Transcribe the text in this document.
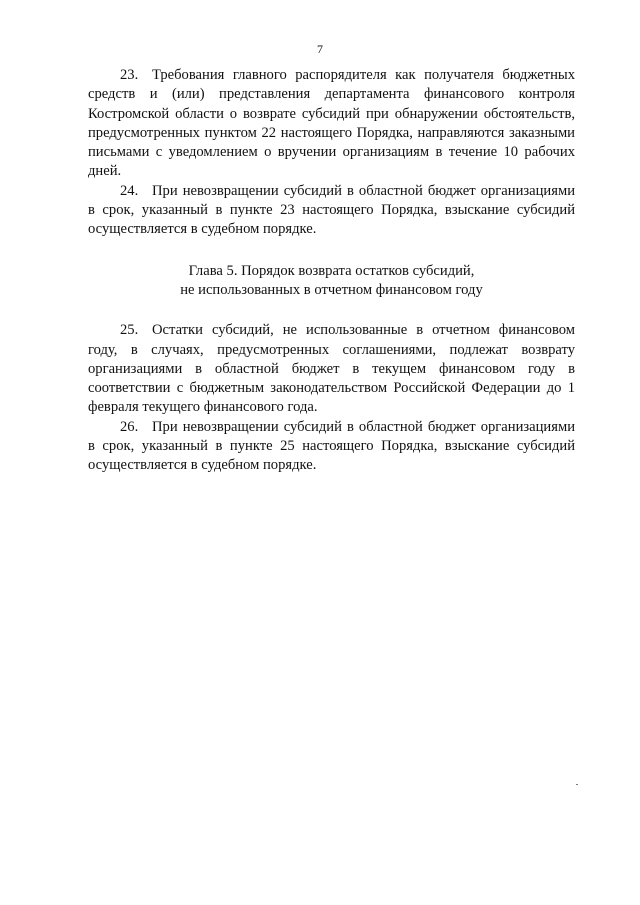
7

23. Требования главного распорядителя как получателя бюджетных средств и (или) представления департамента финансового контроля Костромской области о возврате субсидий при обнаружении обстоятельств, предусмотренных пунктом 22 настоящего Порядка, направляются заказными письмами с уведомлением о вручении организациям в течение 10 рабочих дней.

24. При невозвращении субсидий в областной бюджет организациями в срок, указанный в пункте 23 настоящего Порядка, взыскание субсидий осуществляется в судебном порядке.

Глава 5. Порядок возврата остатков субсидий,
не использованных в отчетном финансовом году

25. Остатки субсидий, не использованные в отчетном финансовом году, в случаях, предусмотренных соглашениями, подлежат возврату организациями в областной бюджет в текущем финансовом году в соответствии с бюджетным законодательством Российской Федерации до 1 февраля текущего финансового года.

26. При невозвращении субсидий в областной бюджет организациями в срок, указанный в пункте 25 настоящего Порядка, взыскание субсидий осуществляется в судебном порядке.
